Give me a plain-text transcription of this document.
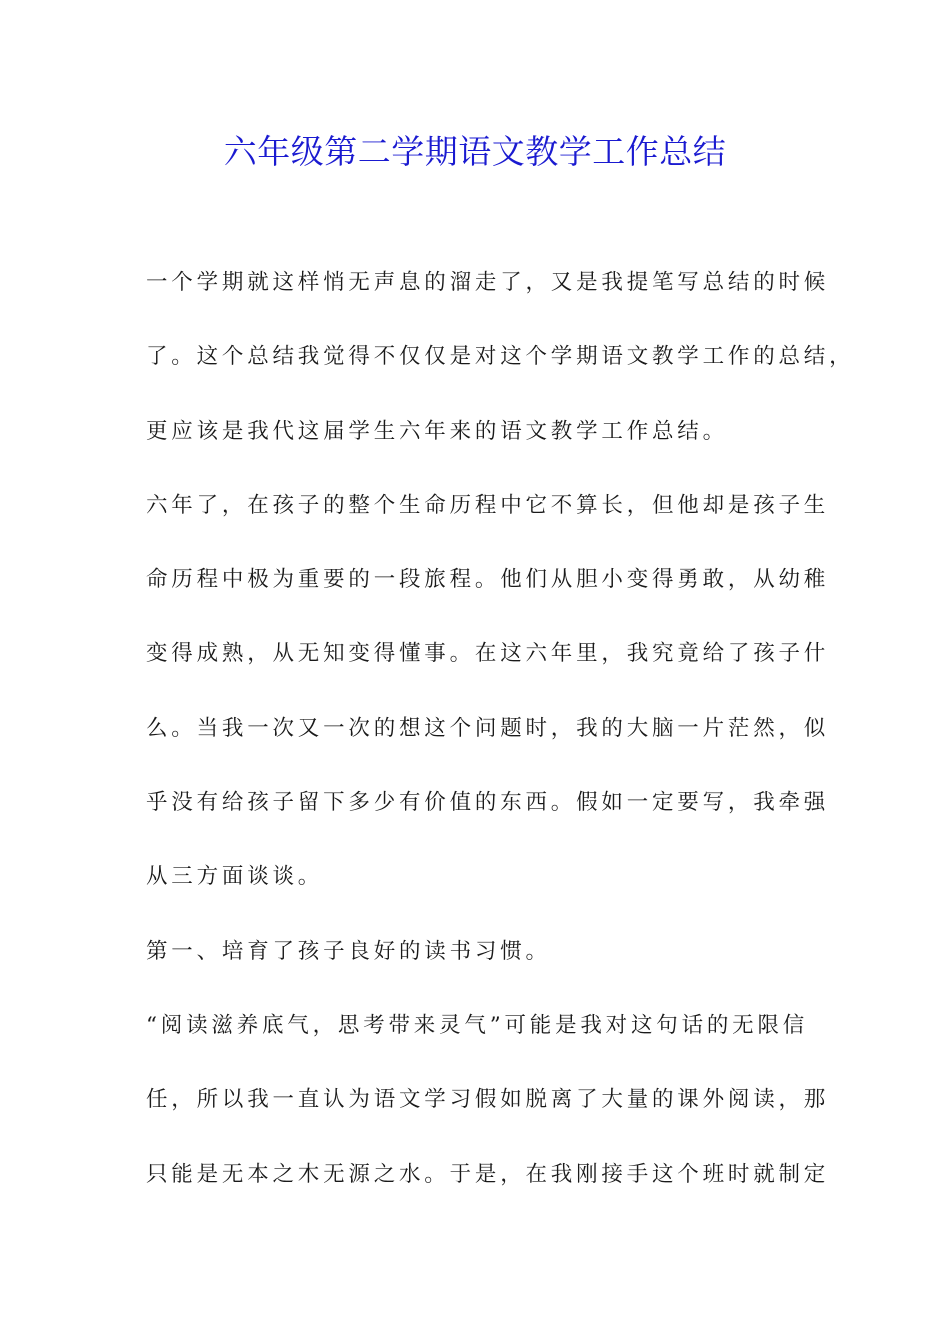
六年级第二学期语文教学工作总结
一个学期就这样悄无声息的溜走了，又是我提笔写总结的时候
了。这个总结我觉得不仅仅是对这个学期语文教学工作的总结，
更应该是我代这届学生六年来的语文教学工作总结。
六年了，在孩子的整个生命历程中它不算长，但他却是孩子生
命历程中极为重要的一段旅程。他们从胆小变得勇敢，从幼稚
变得成熟，从无知变得懂事。在这六年里，我究竟给了孩子什
么。当我一次又一次的想这个问题时，我的大脑一片茫然，似
乎没有给孩子留下多少有价值的东西。假如一定要写，我牵强
从三方面谈谈。
第一、培育了孩子良好的读书习惯。
“阅读滋养底气，思考带来灵气”可能是我对这句话的无限信
任，所以我一直认为语文学习假如脱离了大量的课外阅读，那
只能是无本之木无源之水。于是，在我刚接手这个班时就制定
